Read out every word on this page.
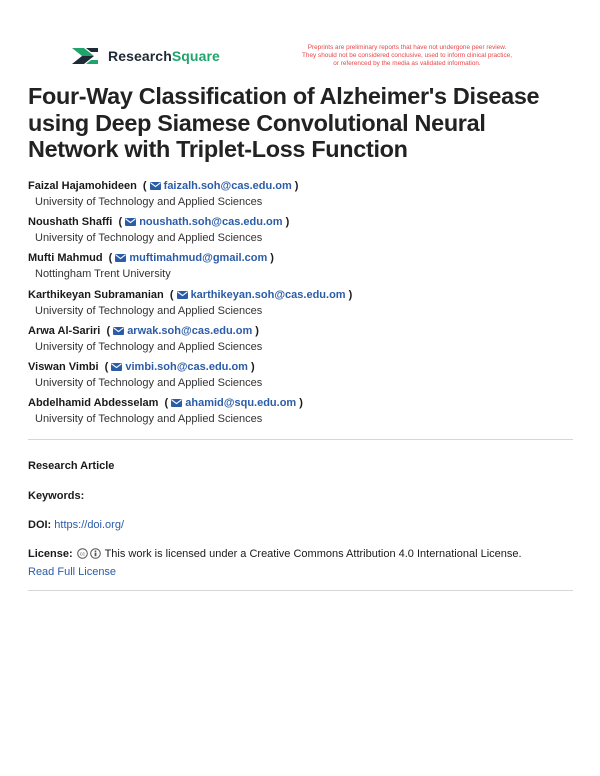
ResearchSquare
Preprints are preliminary reports that have not undergone peer review.
They should not be considered conclusive, used to inform clinical practice,
or referenced by the media as validated information.
Four-Way Classification of Alzheimer's Disease using Deep Siamese Convolutional Neural Network with Triplet-Loss Function
Faizal Hajamohideen  ( faizalh.soh@cas.edu.om )
University of Technology and Applied Sciences
Noushath Shaffi  ( noushath.soh@cas.edu.om )
University of Technology and Applied Sciences
Mufti Mahmud  ( muftimahmud@gmail.com )
Nottingham Trent University
Karthikeyan Subramanian  ( karthikeyan.soh@cas.edu.om )
University of Technology and Applied Sciences
Arwa Al-Sariri  ( arwak.soh@cas.edu.om )
University of Technology and Applied Sciences
Viswan Vimbi  ( vimbi.soh@cas.edu.om )
University of Technology and Applied Sciences
Abdelhamid Abdesselam  ( ahamid@squ.edu.om )
University of Technology and Applied Sciences
Research Article
Keywords:
DOI: https://doi.org/
License: cc This work is licensed under a Creative Commons Attribution 4.0 International License.
Read Full License
